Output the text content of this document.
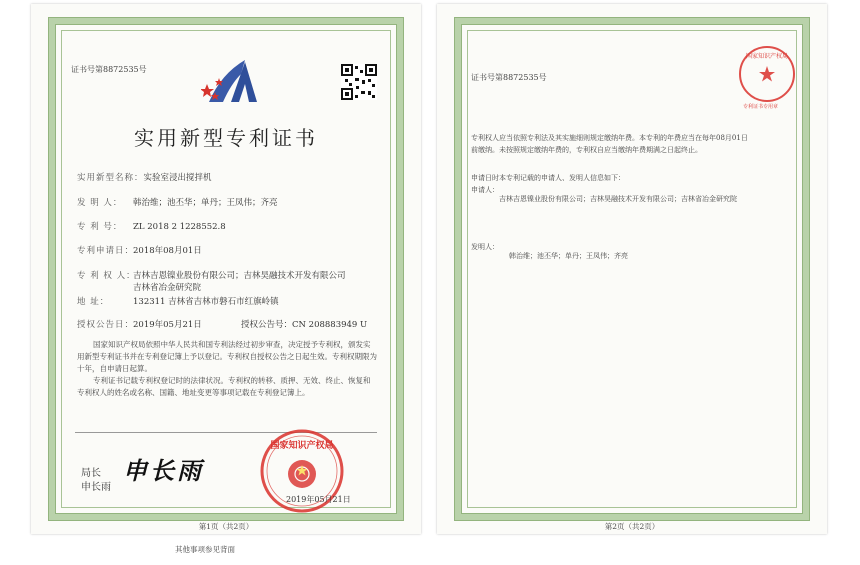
证书号第8872535号
实用新型专利证书
实用新型名称：实验室浸出搅拌机
发 明 人： 韩治维；池丕华；单丹；王凤伟；齐亮
专 利 号： ZL 2018 2 1228552.8
专利申请日：2018年08月01日
专 利 权 人：吉林吉恩镍业股份有限公司；吉林昊融技术开发有限公司
吉林省冶金研究院
地 址：	132311 吉林省吉林市磐石市红旗岭镇
授权公告日：2019年05月21日	授权公告号：CN 208883949 U
国家知识产权局依照中华人民共和国专利法经过初步审查，决定授予专利权，颁发实用新型专利证书并在专利登记簿上予以登记。专利权自授权公告之日起生效。专利权期限为十年，自申请日起算。
专利证书记载专利权登记时的法律状况。专利权的转移、质押、无效、终止、恢复和专利权人的姓名或名称、国籍、地址变更等事项记载在专利登记簿上。
局长
申长雨
申长雨
国家知识产权局
2019年05月21日
第1页（共2页）
其他事项参见背面
证书号第8872535号
国家知识产权局
专利证书专用章
专利权人应当依照专利法及其实施细则规定缴纳年费。本专利的年费应当在每年08月01日
前缴纳。未按照规定缴纳年费的，专利权自应当缴纳年费期满之日起终止。
申请日时本专利记载的申请人、发明人信息如下：
申请人：
吉林吉恩镍业股份有限公司；吉林昊融技术开发有限公司；吉林省冶金研究院
发明人：
韩治维；池丕华；单丹；王凤伟；齐亮
第2页（共2页）
